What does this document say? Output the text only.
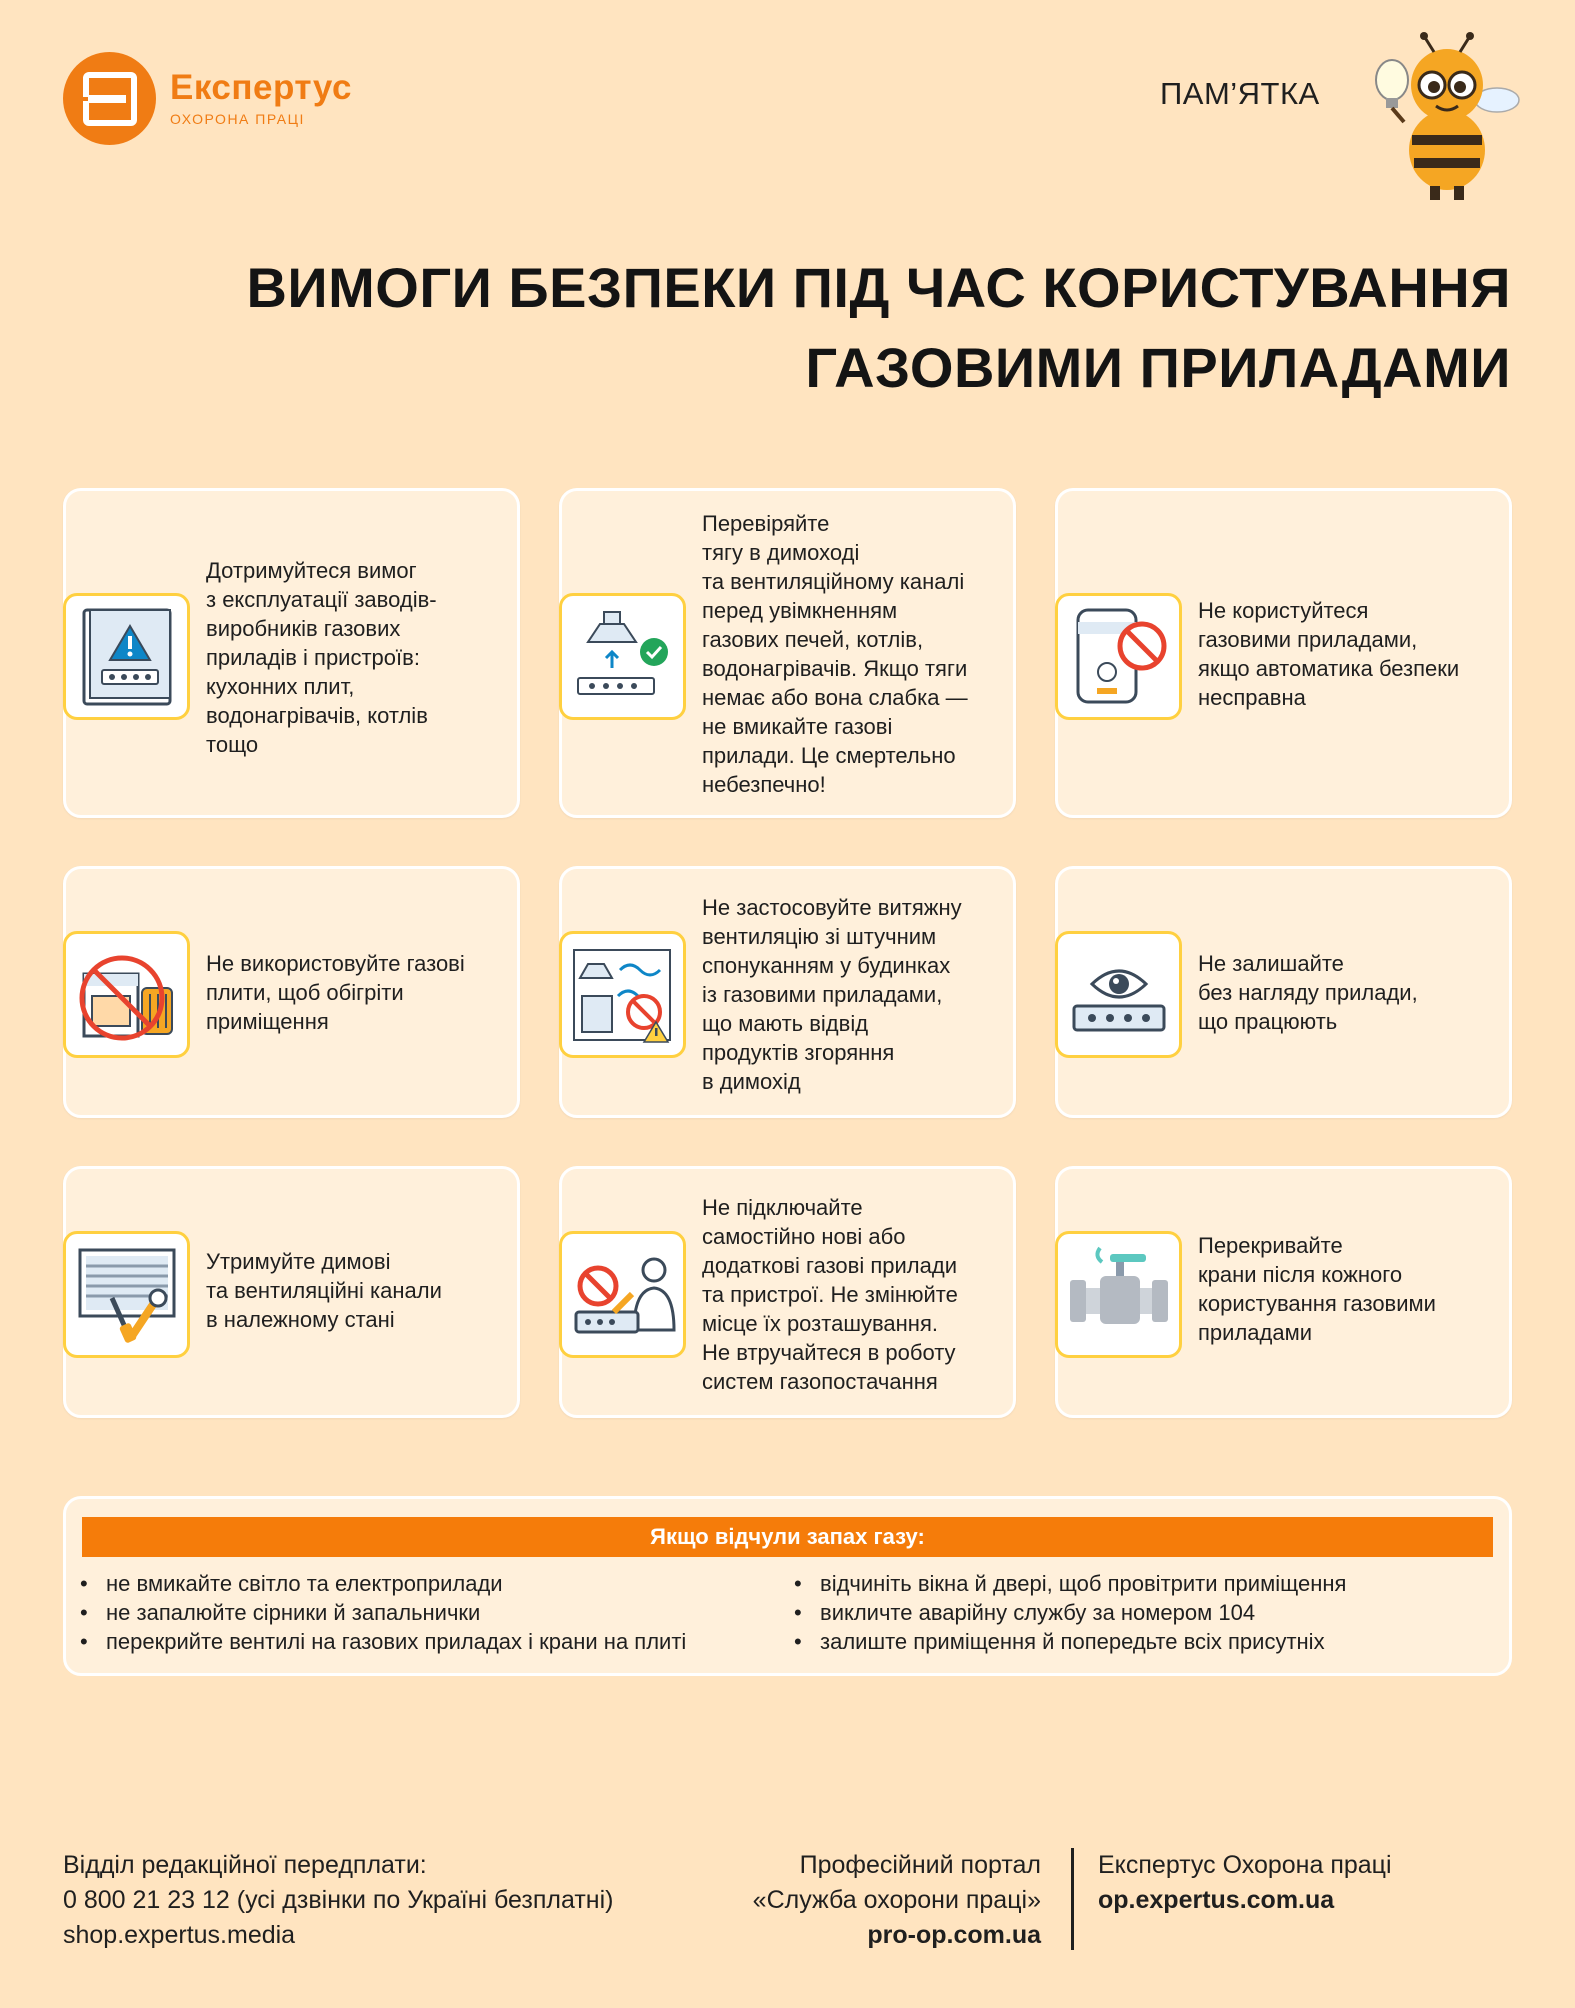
Експертус
ОХОРОНА ПРАЦІ
ПАМ’ЯТКА
ВИМОГИ БЕЗПЕКИ ПІД ЧАС КОРИСТУВАННЯ
ГАЗОВИМИ ПРИЛАДАМИ
Дотримуйтеся вимог
з експлуатації заводів-
виробників газових
приладів і пристроїв:
кухонних плит,
водонагрівачів, котлів
тощо
Перевіряйте
тягу в димоході
та вентиляційному каналі
перед увімкненням
газових печей, котлів,
водонагрівачів. Якщо тяги
немає або вона слабка —
не вмикайте газові
прилади. Це смертельно
небезпечно!
Не користуйтеся
газовими приладами,
якщо автоматика безпеки
несправна
Не використовуйте газові
плити, щоб обігріти
приміщення
Не застосовуйте витяжну
вентиляцію зі штучним
спонуканням у будинках
із газовими приладами,
що мають відвід
продуктів згоряння
в димохід
Не залишайте
без нагляду прилади,
що працюють
Утримуйте димові
та вентиляційні канали
в належному стані
Не підключайте
самостійно нові або
додаткові газові прилади
та пристрої. Не змінюйте
місце їх розташування.
Не втручайтеся в роботу
систем газопостачання
Перекривайте
крани після кожного
користування газовими
приладами
Якщо відчули запах газу:
• не вмикайте світло та електроприлади
• не запалюйте сірники й запальнички
• перекрийте вентилі на газових приладах і крани на плиті
• відчиніть вікна й двері, щоб провітрити приміщення
• викличте аварійну службу за номером 104
• залиште приміщення й попередьте всіх присутніх
Відділ редакційної передплати:
0 800 21 23 12 (усі дзвінки по Україні безплатні)
shop.expertus.media
Професійний портал
«Служба охорони праці»
pro-op.com.ua
Експертус Охорона праці
op.expertus.com.ua
